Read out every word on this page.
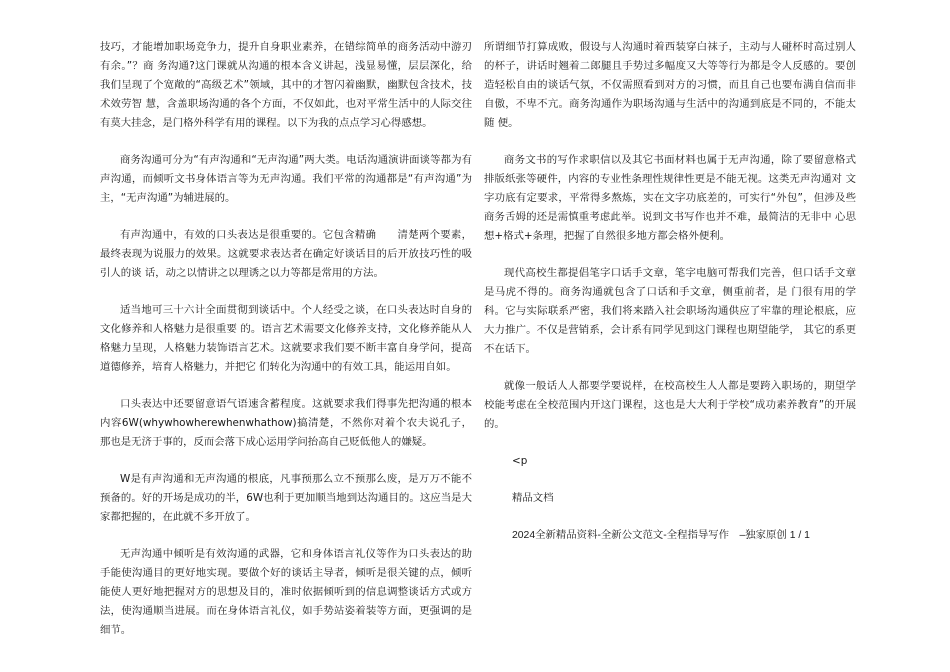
技巧，才能增加职场竞争力，提升自身职业素养，在错综简单的商务活动中游刃有余。”？商 务沟通?这门课就从沟通的根本含义讲起，浅显易懂，层层深化，给我们呈现了个宽敞的“高级艺术”领域，其中的才智闪着幽默，幽默包含技术，技术效劳智 慧，含盖职场沟通的各个方面，不仅如此，也对平常生活中的人际交往有莫大挂念，是门格外科学有用的课程。以下为我的点点学习心得感想。

商务沟通可分为“有声沟通和“无声沟通”两大类。电话沟通演讲面谈等都为有声沟通，而倾听文书身体语言等为无声沟通。我们平常的沟通都是“有声沟通”为主，“无声沟通”为辅进展的。

有声沟通中，有效的口头表达是很重要的。它包含精确　　清楚两个要素，最终表现为说服力的效果。这就要求表达者在确定好谈话目的后开放技巧性的吸引人的谈 话，动之以情讲之以理诱之以力等都是常用的方法。

适当地可三十六计全面贯彻到谈话中。个人经受之谈，在口头表达时自身的文化修养和人格魅力是很重要 的。语言艺术需要文化修养支持，文化修养能从人格魅力呈现，人格魅力装饰语言艺术。这就要求我们要不断丰富自身学问，提高道德修养，培育人格魅力，并把它 们转化为沟通中的有效工具，能运用自如。

口头表达中还要留意语气语速含蓄程度。这就要求我们得事先把沟通的根本内容6W(whywhowherewhenwhathow)搞清楚，不然你对着个农夫说孔子，那也是无济于事的，反而会落下成心运用学问抬高自己贬低他人的嫌疑。

W是有声沟通和无声沟通的根底，凡事预那么立不预那么废，是万万不能不预备的。好的开场是成功的半，6W也利于更加顺当地到达沟通目的。这应当是大家都把握的，在此就不多开放了。

无声沟通中倾听是有效沟通的武器，它和身体语言礼仪等作为口头表达的助手能使沟通目的更好地实现。要做个好的谈话主导者，倾听是很关键的点，倾听能使人更好地把握对方的思想及目的，准时依据倾听到的信息调整谈话方式或方法，使沟通顺当进展。而在身体语言礼仪，如手势站姿着装等方面，更强调的是 细节。

所谓细节打算成败，假设与人沟通时着西装穿白袜子，主动与人碰杯时高过别人的杯子，讲话时翘着二郎腿且手势过多幅度又大等等行为都是令人反感的。要创 造轻松自由的谈话气氛，不仅需照看到对方的习惯，而且自己也要布满自信而非自傲，不卑不亢。商务沟通作为职场沟通与生活中的沟通到底是不同的，不能太随 便。

商务文书的写作求职信以及其它书面材料也属于无声沟通，除了要留意格式排版纸张等硬件，内容的专业性条理性规律性更是不能无视。这类无声沟通对 文字功底有定要求，平常得多熬炼，实在文字功底差的，可实行“外包”，但涉及些商务舌姆的还是需慎重考虑此举。说到文书写作也并不难，最简洁的无非中 心思想+格式+条理，把握了自然很多地方都会格外便利。

现代高校生都提倡笔字口话手文章，笔字电脑可帮我们完善，但口话手文章是马虎不得的。商务沟通就包含了口话和手文章，侧重前者，是 门很有用的学科。它与实际联系严密，我们将来踏入社会职场沟通供应了牢靠的理论根底，应大力推广。不仅是营销系，会计系有同学见到这门课程也期望能学， 其它的系更不在话下。

就像一般话人人都要学要说样，在校高校生人人都是要跨入职场的，期望学校能考虑在全校范围内开这门课程，这也是大大利于学校“成功素养教育”的开展的。

<p

精品文档

2024全新精品资料-全新公文范文-全程指导写作　–独家原创 1 / 1
